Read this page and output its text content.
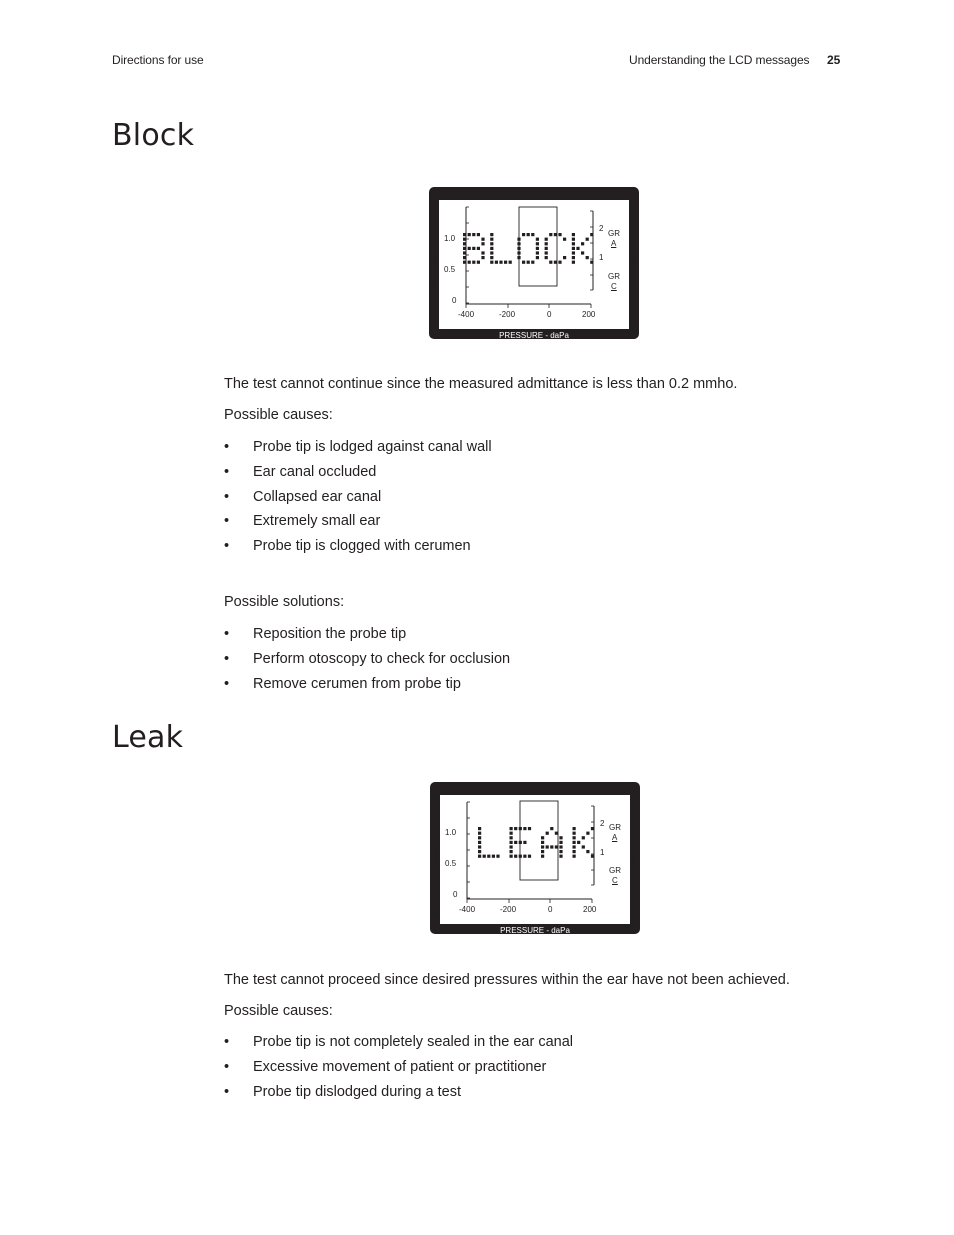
Directions for use	Understanding the LCD messages 25
Block
Ya - mmho	+200 Vea - cc
1.0
0.5
0
-400	-200	0	200
2
1
GR
A
GR
C
PRESSURE - daPa

The test cannot continue since the measured admittance is less than 0.2 mmho.

Possible causes:

• Probe tip is lodged against canal wall
• Ear canal occluded
• Collapsed ear canal
• Extremely small ear
• Probe tip is clogged with cerumen

Possible solutions:

• Reposition the probe tip
• Perform otoscopy to check for occlusion
• Remove cerumen from probe tip
Leak
Ya - mmho	+200 Vea - cc
1.0
0.5
0
-400	-200	0	200
2
1
GR
A
GR
C
PRESSURE - daPa

The test cannot proceed since desired pressures within the ear have not been achieved.

Possible causes:

• Probe tip is not completely sealed in the ear canal
• Excessive movement of patient or practitioner
• Probe tip dislodged during a test
